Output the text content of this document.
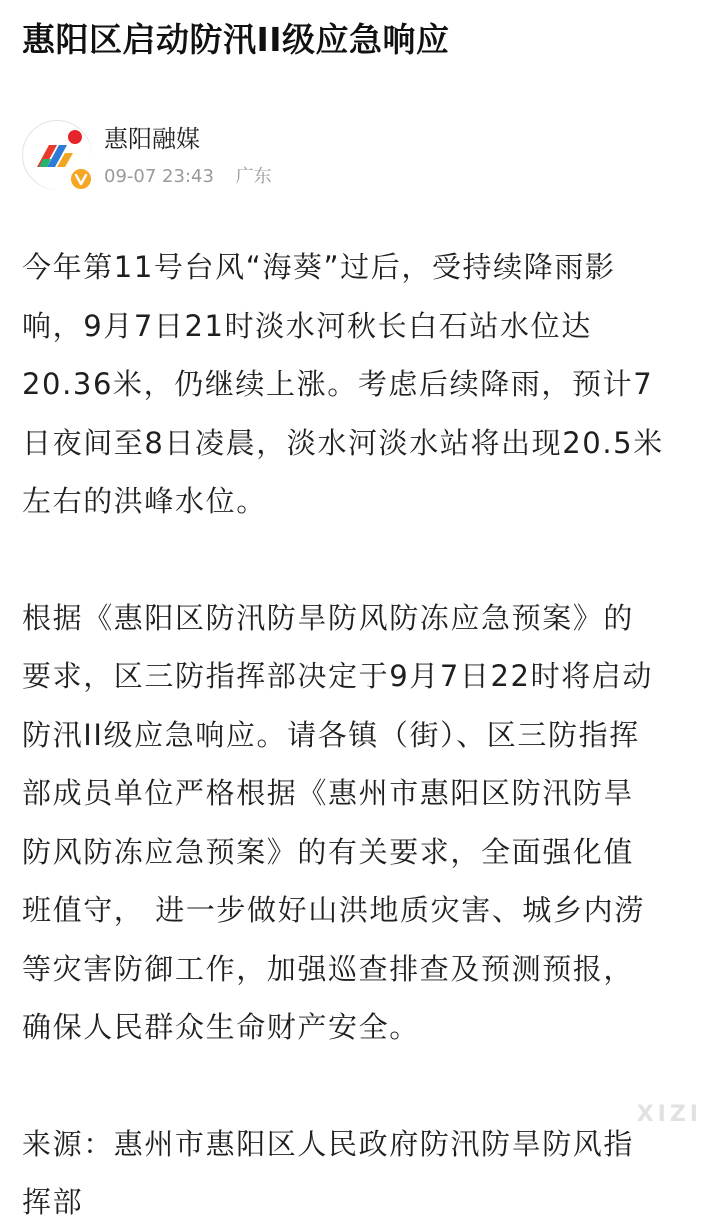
惠阳区启动防汛II级应急响应
惠阳融媒
09-07 23:43 广东

今年第11号台风“海葵”过后，受持续降雨影
响，9月7日21时淡水河秋长白石站水位达
20.36米，仍继续上涨。考虑后续降雨，预计7
日夜间至8日凌晨，淡水河淡水站将出现20.5米
左右的洪峰水位。

根据《惠阳区防汛防旱防风防冻应急预案》的
要求，区三防指挥部决定于9月7日22时将启动
防汛II级应急响应。请各镇（街）、区三防指挥
部成员单位严格根据《惠州市惠阳区防汛防旱
防风防冻应急预案》的有关要求，全面强化值
班值守， 进一步做好山洪地质灾害、城乡内涝
等灾害防御工作，加强巡查排查及预测预报，
确保人民群众生命财产安全。

来源：惠州市惠阳区人民政府防汛防旱防风指
挥部

XIZI
